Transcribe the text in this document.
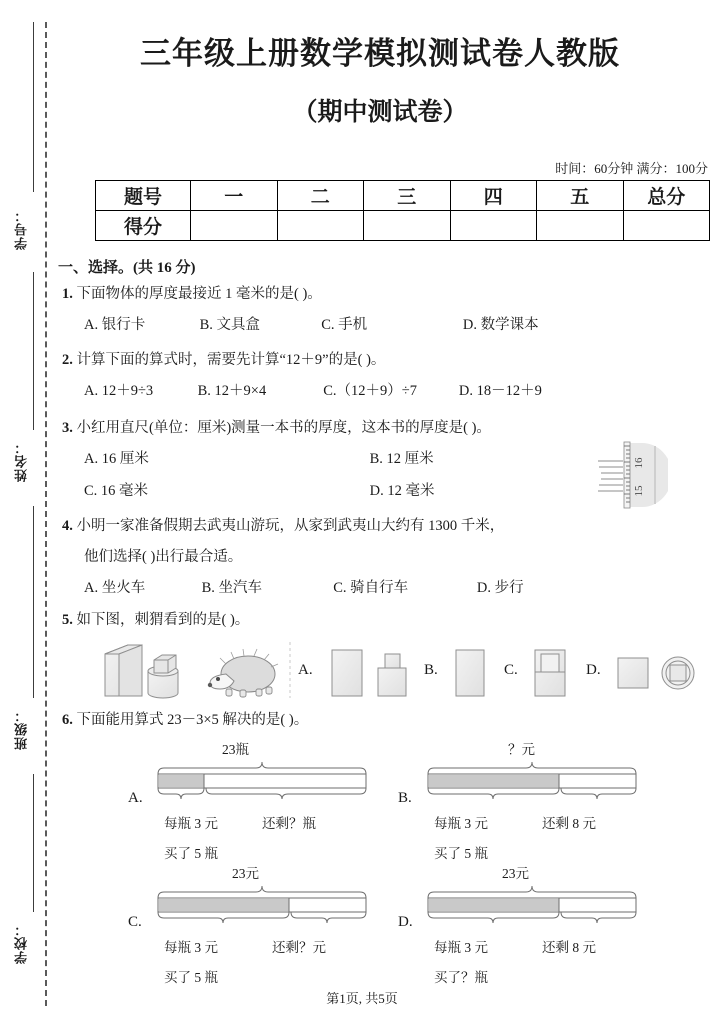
学号：
姓名：
班级：
学校：
三年级上册数学模拟测试卷人教版
（期中测试卷）
时间：60分钟 满分：100分
题号	一	二	三	四	五	总分
得分						
一、选择。(共 16 分)
1. 下面物体的厚度最接近 1 毫米的是( )。
A. 银行卡	B. 文具盒	C. 手机	D. 数学课本
2. 计算下面的算式时，需要先计算“12＋9”的是( )。
A. 12＋9÷3	B. 12＋9×4	C.（12＋9）÷7	D. 18－12＋9
3. 小红用直尺(单位：厘米)测量一本书的厚度，这本书的厚度是( )。
A. 16 厘米	B. 12 厘米
C. 16 毫米	D. 12 毫米
16
15
4. 小明一家准备假期去武夷山游玩，从家到武夷山大约有 1300 千米，
他们选择( )出行最合适。
A. 坐火车	B. 坐汽车	C. 骑自行车	D. 步行
5. 如下图，刺猬看到的是( )。
A.	B.	C.	D.
6. 下面能用算式 23－3×5 解决的是( )。
A.
23瓶
每瓶 3 元	还剩？瓶
买了 5 瓶
B.
？元
每瓶 3 元	还剩 8 元
买了 5 瓶
C.
23元
每瓶 3 元	还剩？元
买了 5 瓶
D.
23元
每瓶 3 元	还剩 8 元
买了？瓶
第1页, 共5页
